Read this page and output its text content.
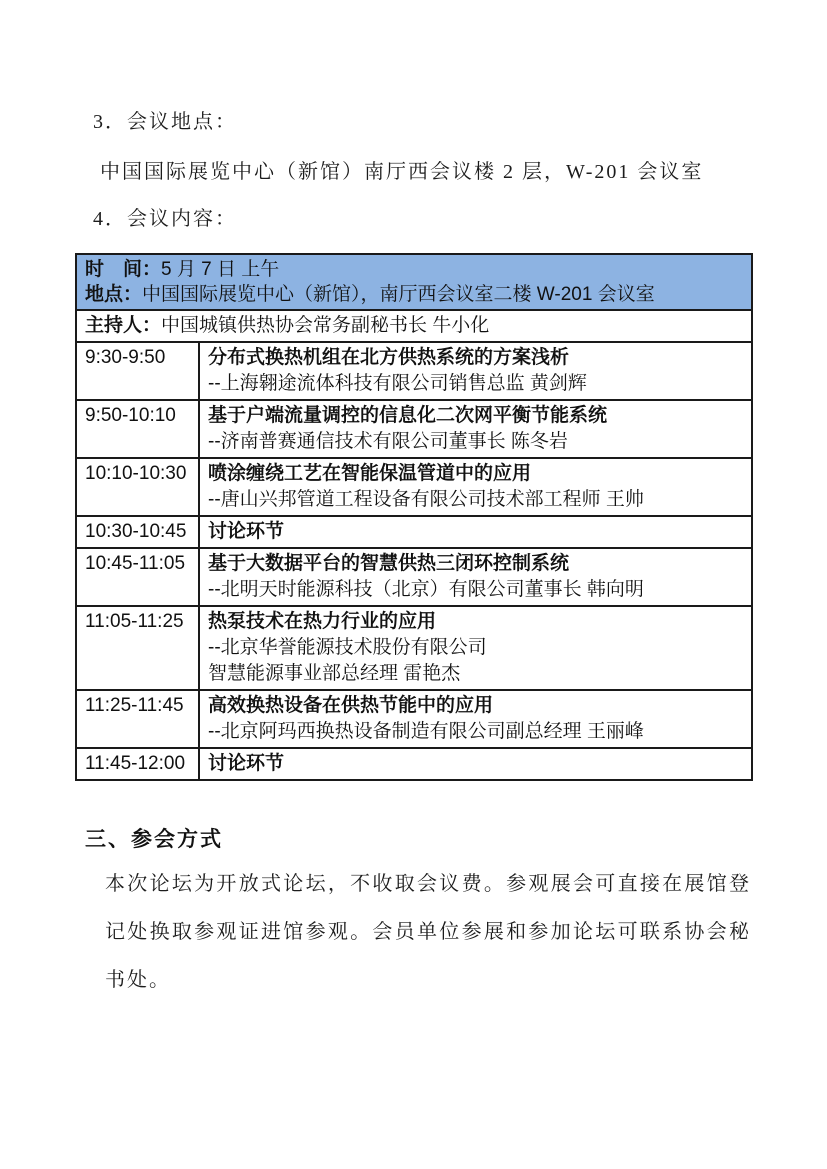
3．会议地点：
中国国际展览中心（新馆）南厅西会议楼 2 层，W-201 会议室
4．会议内容：
时　间：5 月 7 日 上午
地点：中国国际展览中心（新馆），南厅西会议室二楼 W-201 会议室	

主持人：中国城镇供热协会常务副秘书长 牛小化	
9:30-9:50	分布式换热机组在北方供热系统的方案浅析
--上海翱途流体科技有限公司销售总监 黄剑辉

9:50-10:10	基于户端流量调控的信息化二次网平衡节能系统
--济南普赛通信技术有限公司董事长 陈冬岩

10:10-10:30	喷涂缠绕工艺在智能保温管道中的应用
--唐山兴邦管道工程设备有限公司技术部工程师 王帅

10:30-10:45	讨论环节

10:45-11:05	基于大数据平台的智慧供热三闭环控制系统
--北明天时能源科技（北京）有限公司董事长 韩向明

11:05-11:25	热泵技术在热力行业的应用
--北京华誉能源技术股份有限公司
智慧能源事业部总经理 雷艳杰

11:25-11:45	高效换热设备在供热节能中的应用
--北京阿玛西换热设备制造有限公司副总经理 王丽峰

11:45-12:00	讨论环节
三、参会方式
本次论坛为开放式论坛，不收取会议费。参观展会可直接在展馆登记处换取参观证进馆参观。会员单位参展和参加论坛可联系协会秘书处。
